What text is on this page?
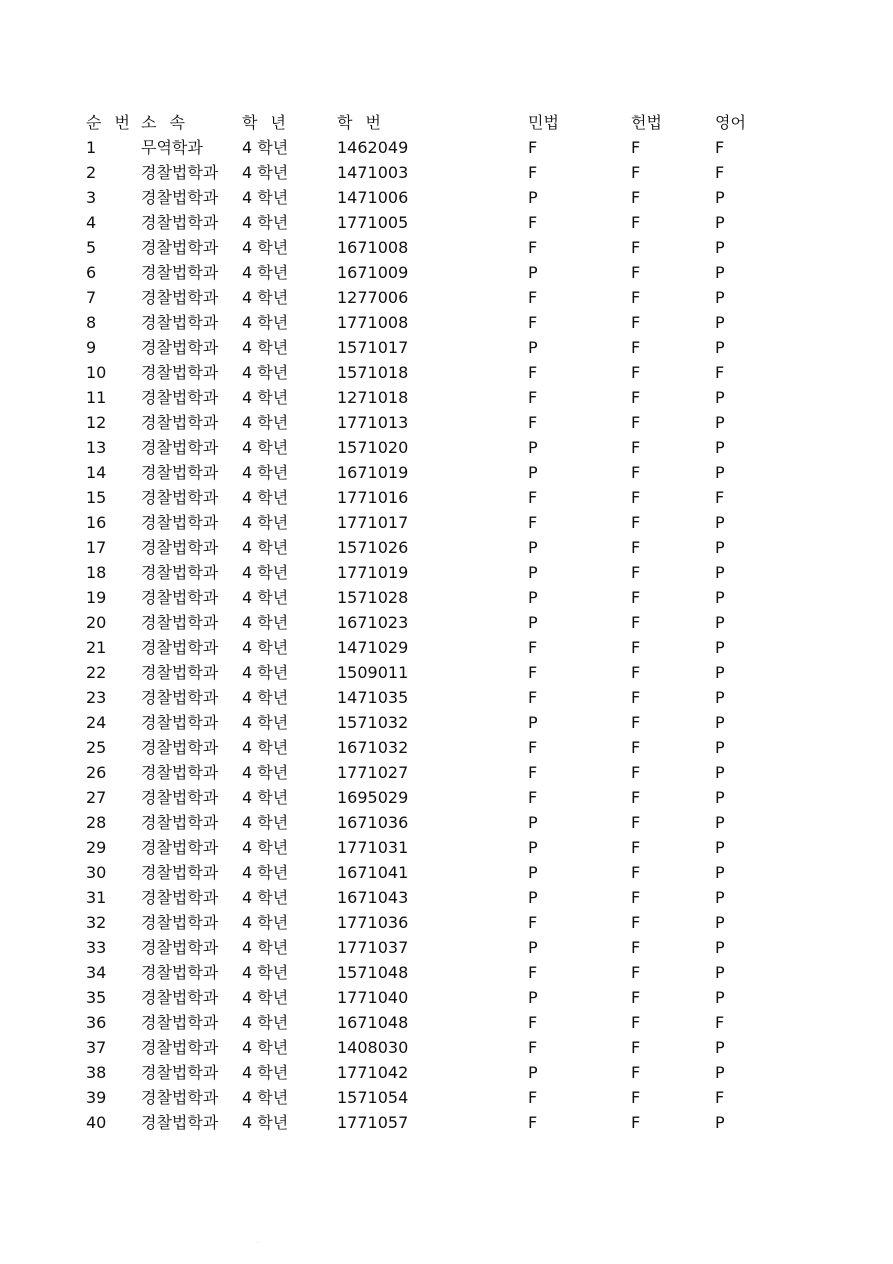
순 번	소 속	학 년	학 번	민법	헌법	영어
1	무역학과	4 학년	1462049	F	F	F
2	경찰법학과	4 학년	1471003	F	F	F
3	경찰법학과	4 학년	1471006	P	F	P
4	경찰법학과	4 학년	1771005	F	F	P
5	경찰법학과	4 학년	1671008	F	F	P
6	경찰법학과	4 학년	1671009	P	F	P
7	경찰법학과	4 학년	1277006	F	F	P
8	경찰법학과	4 학년	1771008	F	F	P
9	경찰법학과	4 학년	1571017	P	F	P
10	경찰법학과	4 학년	1571018	F	F	F
11	경찰법학과	4 학년	1271018	F	F	P
12	경찰법학과	4 학년	1771013	F	F	P
13	경찰법학과	4 학년	1571020	P	F	P
14	경찰법학과	4 학년	1671019	P	F	P
15	경찰법학과	4 학년	1771016	F	F	F
16	경찰법학과	4 학년	1771017	F	F	P
17	경찰법학과	4 학년	1571026	P	F	P
18	경찰법학과	4 학년	1771019	P	F	P
19	경찰법학과	4 학년	1571028	P	F	P
20	경찰법학과	4 학년	1671023	P	F	P
21	경찰법학과	4 학년	1471029	F	F	P
22	경찰법학과	4 학년	1509011	F	F	P
23	경찰법학과	4 학년	1471035	F	F	P
24	경찰법학과	4 학년	1571032	P	F	P
25	경찰법학과	4 학년	1671032	F	F	P
26	경찰법학과	4 학년	1771027	F	F	P
27	경찰법학과	4 학년	1695029	F	F	P
28	경찰법학과	4 학년	1671036	P	F	P
29	경찰법학과	4 학년	1771031	P	F	P
30	경찰법학과	4 학년	1671041	P	F	P
31	경찰법학과	4 학년	1671043	P	F	P
32	경찰법학과	4 학년	1771036	F	F	P
33	경찰법학과	4 학년	1771037	P	F	P
34	경찰법학과	4 학년	1571048	F	F	P
35	경찰법학과	4 학년	1771040	P	F	P
36	경찰법학과	4 학년	1671048	F	F	F
37	경찰법학과	4 학년	1408030	F	F	P
38	경찰법학과	4 학년	1771042	P	F	P
39	경찰법학과	4 학년	1571054	F	F	F
40	경찰법학과	4 학년	1771057	F	F	P
.
